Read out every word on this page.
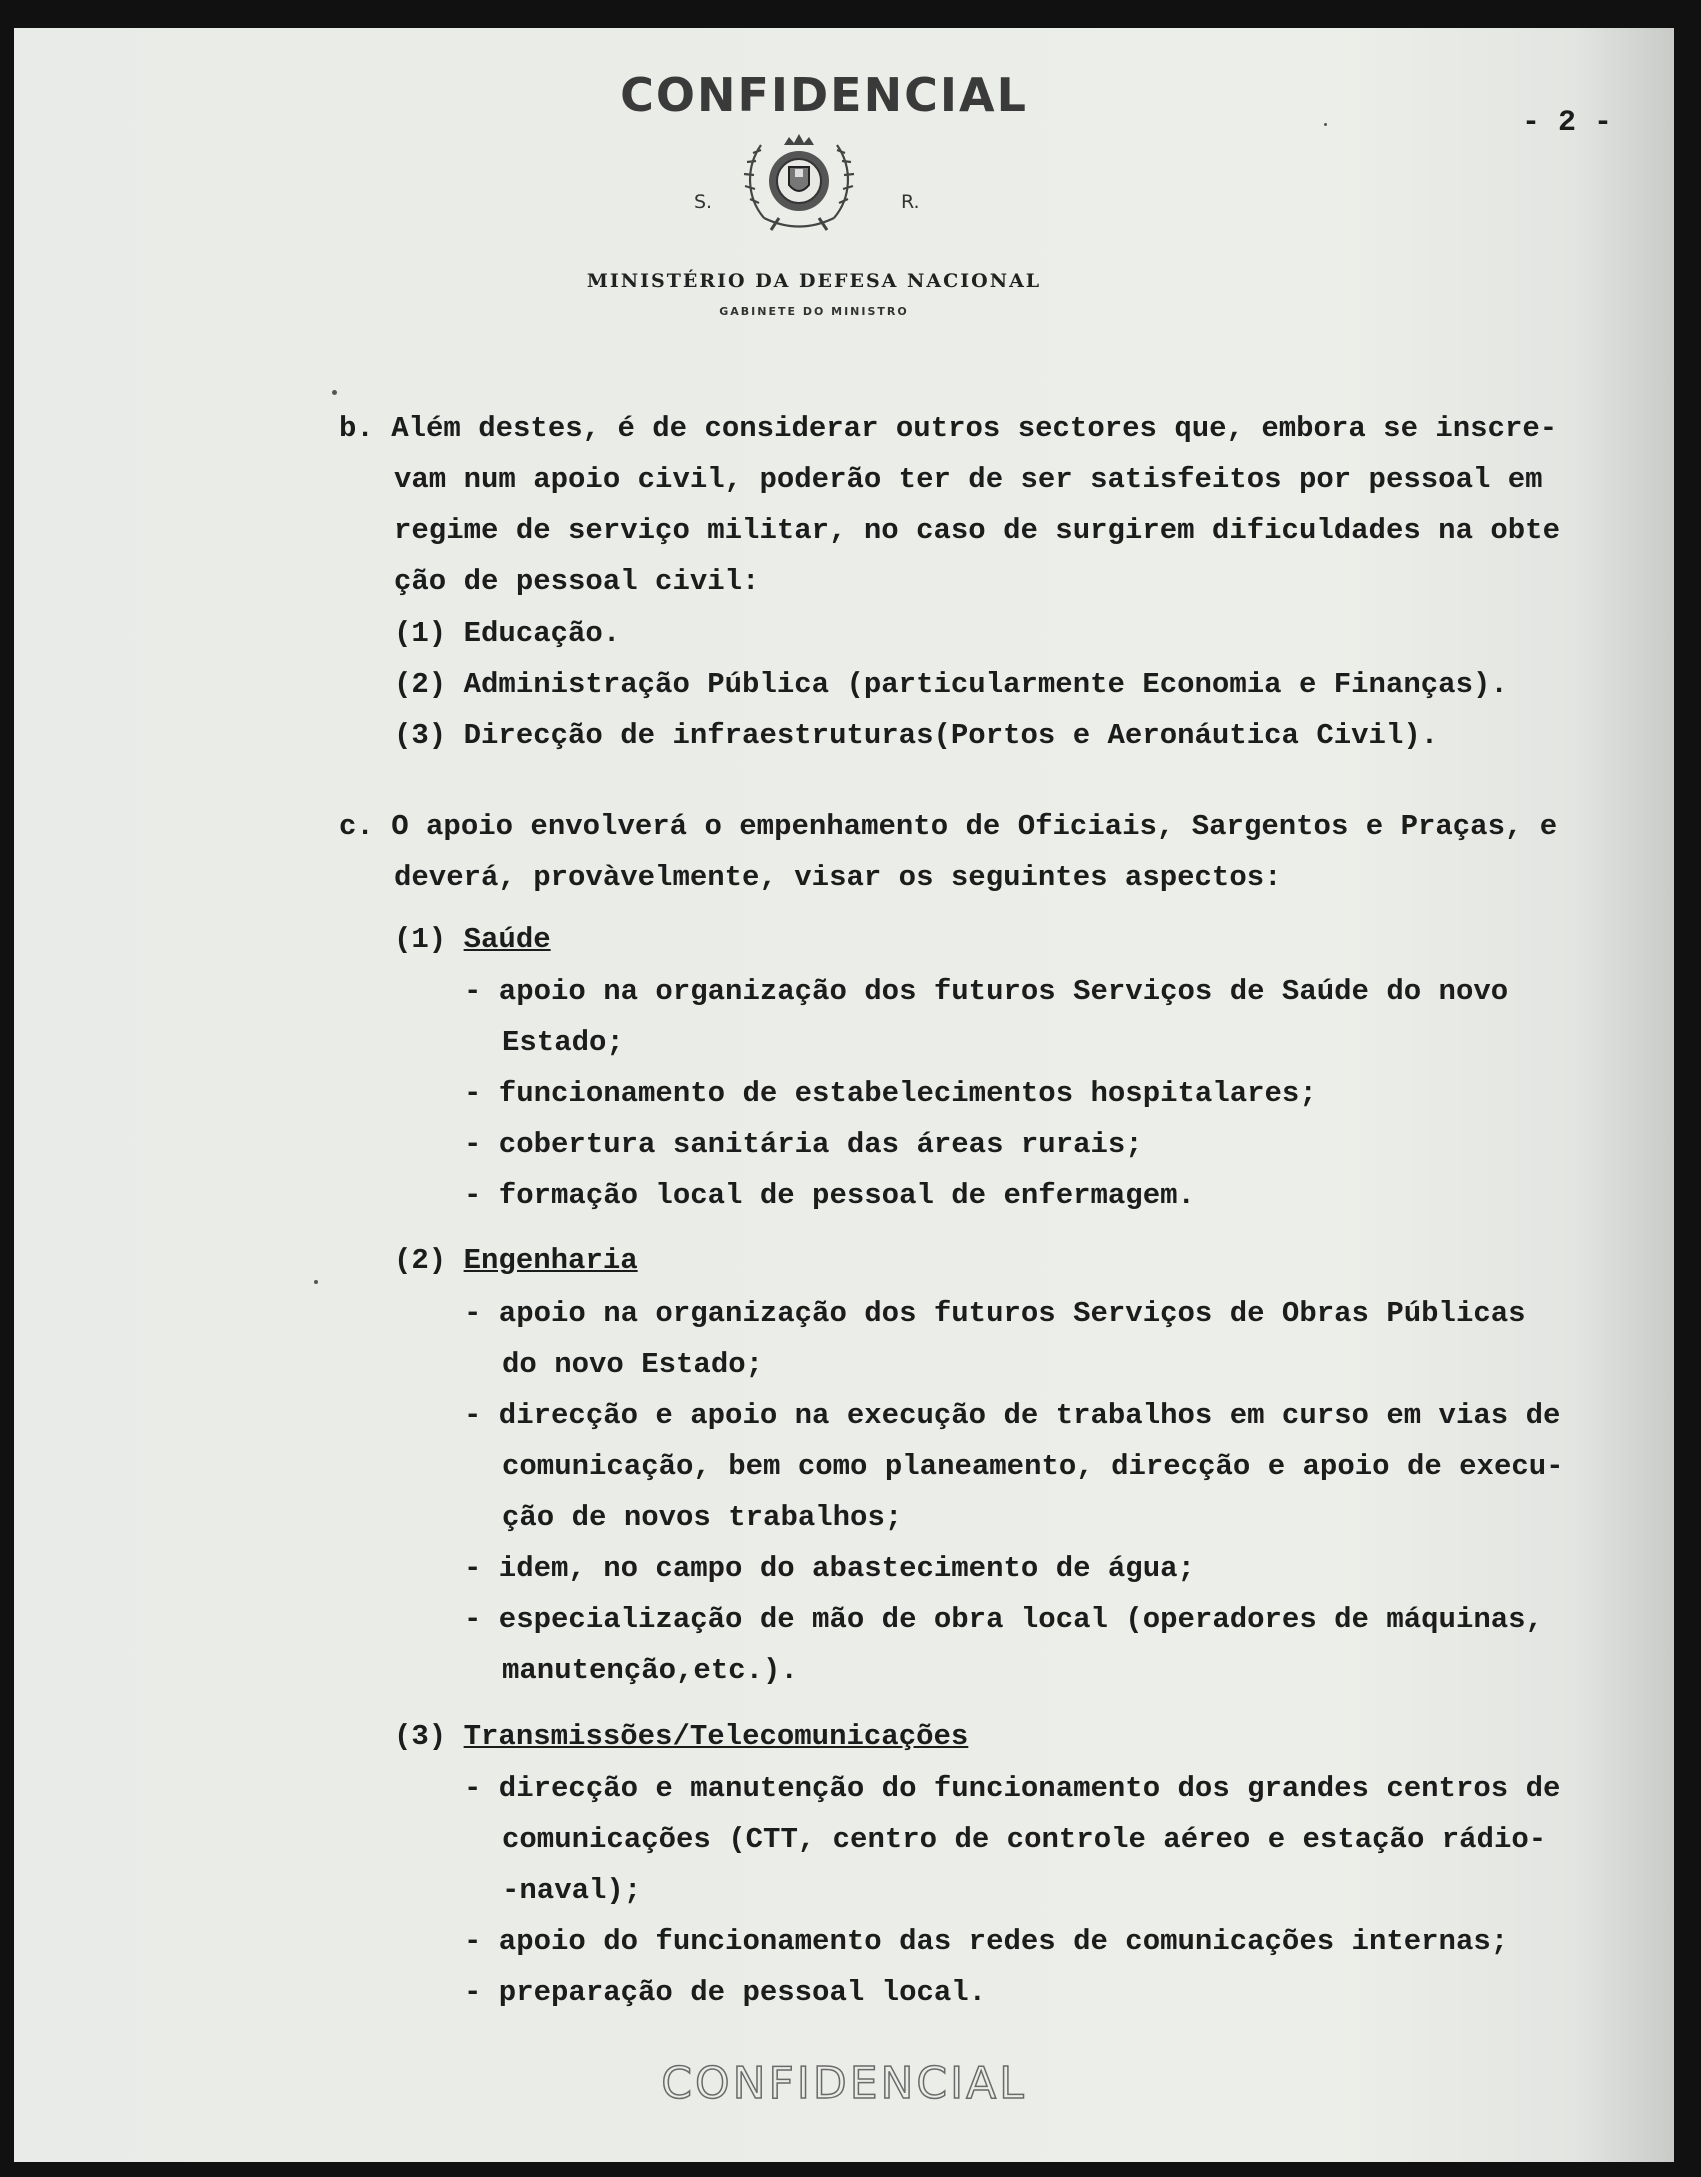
CONFIDENCIAL
- 2 -
S.	R.
MINISTÉRIO DA DEFESA NACIONAL
GABINETE DO MINISTRO
b. Além destes, é de considerar outros sectores que, embora se inscre-
vam num apoio civil, poderão ter de ser satisfeitos por pessoal em
regime de serviço militar, no caso de surgirem dificuldades na obte
ção de pessoal civil:
(1) Educação.
(2) Administração Pública (particularmente Economia e Finanças).
(3) Direcção de infraestruturas(Portos e Aeronáutica Civil).
c. O apoio envolverá o empenhamento de Oficiais, Sargentos e Praças, e
deverá, provàvelmente, visar os seguintes aspectos:
(1) Saúde
- apoio na organização dos futuros Serviços de Saúde do novo
Estado;
- funcionamento de estabelecimentos hospitalares;
- cobertura sanitária das áreas rurais;
- formação local de pessoal de enfermagem.
(2) Engenharia
- apoio na organização dos futuros Serviços de Obras Públicas
do novo Estado;
- direcção e apoio na execução de trabalhos em curso em vias de
comunicação, bem como planeamento, direcção e apoio de execu-
ção de novos trabalhos;
- idem, no campo do abastecimento de água;
- especialização de mão de obra local (operadores de máquinas,
manutenção,etc.).
(3) Transmissões/Telecomunicações
- direcção e manutenção do funcionamento dos grandes centros de
comunicações (CTT, centro de controle aéreo e estação rádio-
-naval);
- apoio do funcionamento das redes de comunicações internas;
- preparação de pessoal local.
CONFIDENCIAL
